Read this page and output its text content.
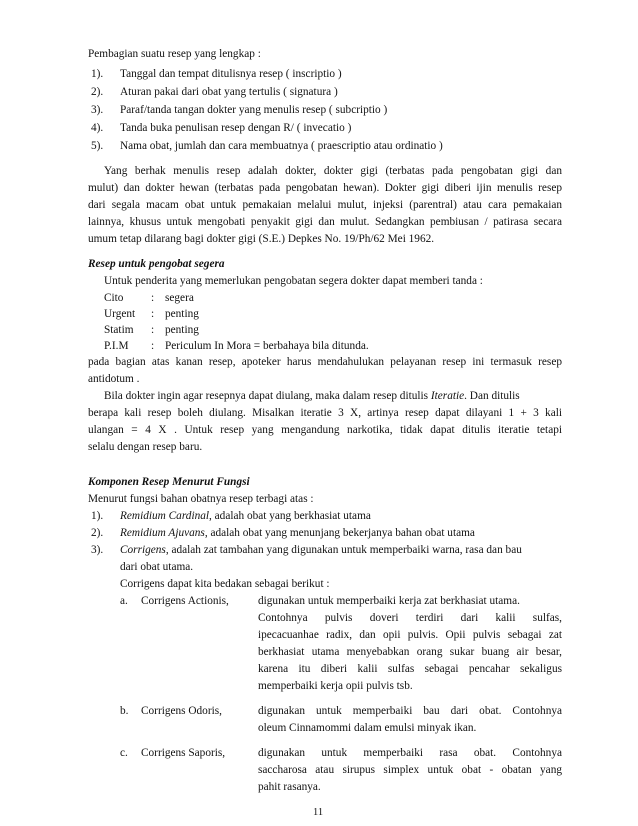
Pembagian suatu resep yang lengkap :
1). Tanggal dan tempat ditulisnya resep ( inscriptio )
2). Aturan pakai dari obat yang tertulis ( signatura )
3). Paraf/tanda tangan dokter yang menulis resep ( subcriptio )
4). Tanda buka penulisan resep dengan R/ ( invecatio )
5). Nama obat, jumlah dan cara membuatnya ( praescriptio atau ordinatio )
Yang berhak menulis resep adalah dokter, dokter gigi (terbatas pada pengobatan gigi dan
mulut) dan dokter hewan (terbatas pada pengobatan hewan). Dokter gigi diberi ijin menulis resep
dari segala macam obat untuk pemakaian melalui mulut, injeksi (parentral) atau cara pemakaian
lainnya, khusus untuk mengobati penyakit gigi dan mulut. Sedangkan pembiusan / patirasa secara
umum tetap dilarang bagi dokter gigi (S.E.) Depkes No. 19/Ph/62 Mei 1962.
Resep untuk pengobat segera
Untuk penderita yang memerlukan pengobatan segera dokter dapat memberi tanda :
Cito : segera
Urgent : penting
Statim : penting
P.I.M : Periculum In Mora = berbahaya bila ditunda.
pada bagian atas kanan resep, apoteker harus mendahulukan pelayanan resep ini termasuk resep
antidotum .
Bila dokter ingin agar resepnya dapat diulang, maka dalam resep ditulis Iteratie. Dan ditulis
berapa kali resep boleh diulang. Misalkan iteratie 3 X, artinya resep dapat dilayani 1 + 3 kali
ulangan = 4 X . Untuk resep yang mengandung narkotika, tidak dapat ditulis iteratie tetapi
selalu dengan resep baru.
Komponen Resep Menurut Fungsi
Menurut fungsi bahan obatnya resep terbagi atas :
1). Remidium Cardinal, adalah obat yang berkhasiat utama
2). Remidium Ajuvans, adalah obat yang menunjang bekerjanya bahan obat utama
3). Corrigens, adalah zat tambahan yang digunakan untuk memperbaiki warna, rasa dan bau
dari obat utama.
Corrigens dapat kita bedakan sebagai berikut :
a. Corrigens Actionis,	digunakan untuk memperbaiki kerja zat berkhasiat utama.
Contohnya pulvis doveri terdiri dari kalii sulfas,
ipecacuanhae radix, dan opii pulvis. Opii pulvis sebagai zat
berkhasiat utama menyebabkan orang sukar buang air besar,
karena itu diberi kalii sulfas sebagai pencahar sekaligus
memperbaiki kerja opii pulvis tsb.
b. Corrigens Odoris,	digunakan untuk memperbaiki bau dari obat. Contohnya
oleum Cinnamommi dalam emulsi minyak ikan.
c. Corrigens Saporis,	digunakan untuk memperbaiki rasa obat. Contohnya
saccharosa atau sirupus simplex untuk obat - obatan yang
pahit rasanya.
11
